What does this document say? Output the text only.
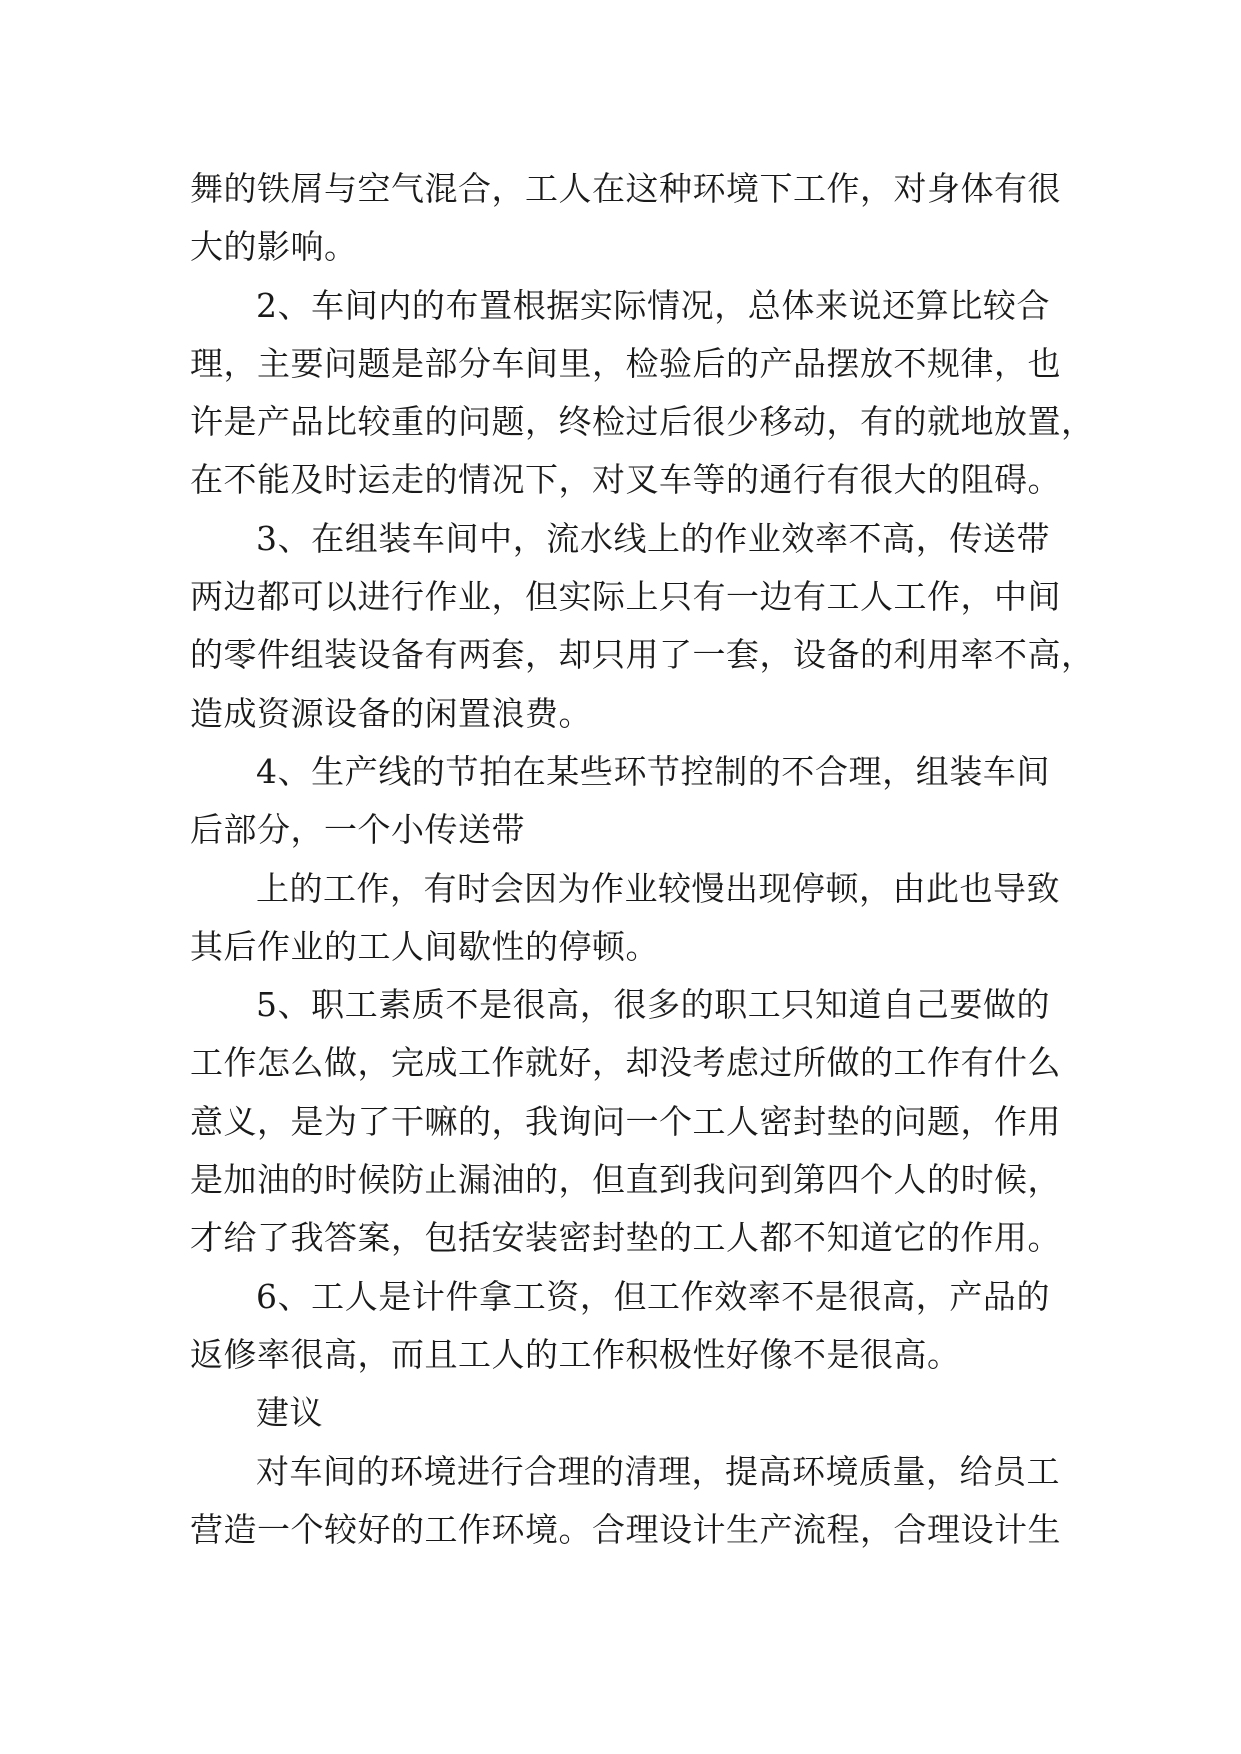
舞的铁屑与空气混合，工人在这种环境下工作，对身体有很
大的影响。
2、车间内的布置根据实际情况，总体来说还算比较合
理，主要问题是部分车间里，检验后的产品摆放不规律，也
许是产品比较重的问题，终检过后很少移动，有的就地放置，
在不能及时运走的情况下，对叉车等的通行有很大的阻碍。
3、在组装车间中，流水线上的作业效率不高，传送带
两边都可以进行作业，但实际上只有一边有工人工作，中间
的零件组装设备有两套，却只用了一套，设备的利用率不高，
造成资源设备的闲置浪费。
4、生产线的节拍在某些环节控制的不合理，组装车间
后部分，一个小传送带
上的工作，有时会因为作业较慢出现停顿，由此也导致
其后作业的工人间歇性的停顿。
5、职工素质不是很高，很多的职工只知道自己要做的
工作怎么做，完成工作就好，却没考虑过所做的工作有什么
意义，是为了干嘛的，我询问一个工人密封垫的问题，作用
是加油的时候防止漏油的，但直到我问到第四个人的时候，
才给了我答案，包括安装密封垫的工人都不知道它的作用。
6、工人是计件拿工资，但工作效率不是很高，产品的
返修率很高，而且工人的工作积极性好像不是很高。
建议
对车间的环境进行合理的清理，提高环境质量，给员工
营造一个较好的工作环境。合理设计生产流程，合理设计生
